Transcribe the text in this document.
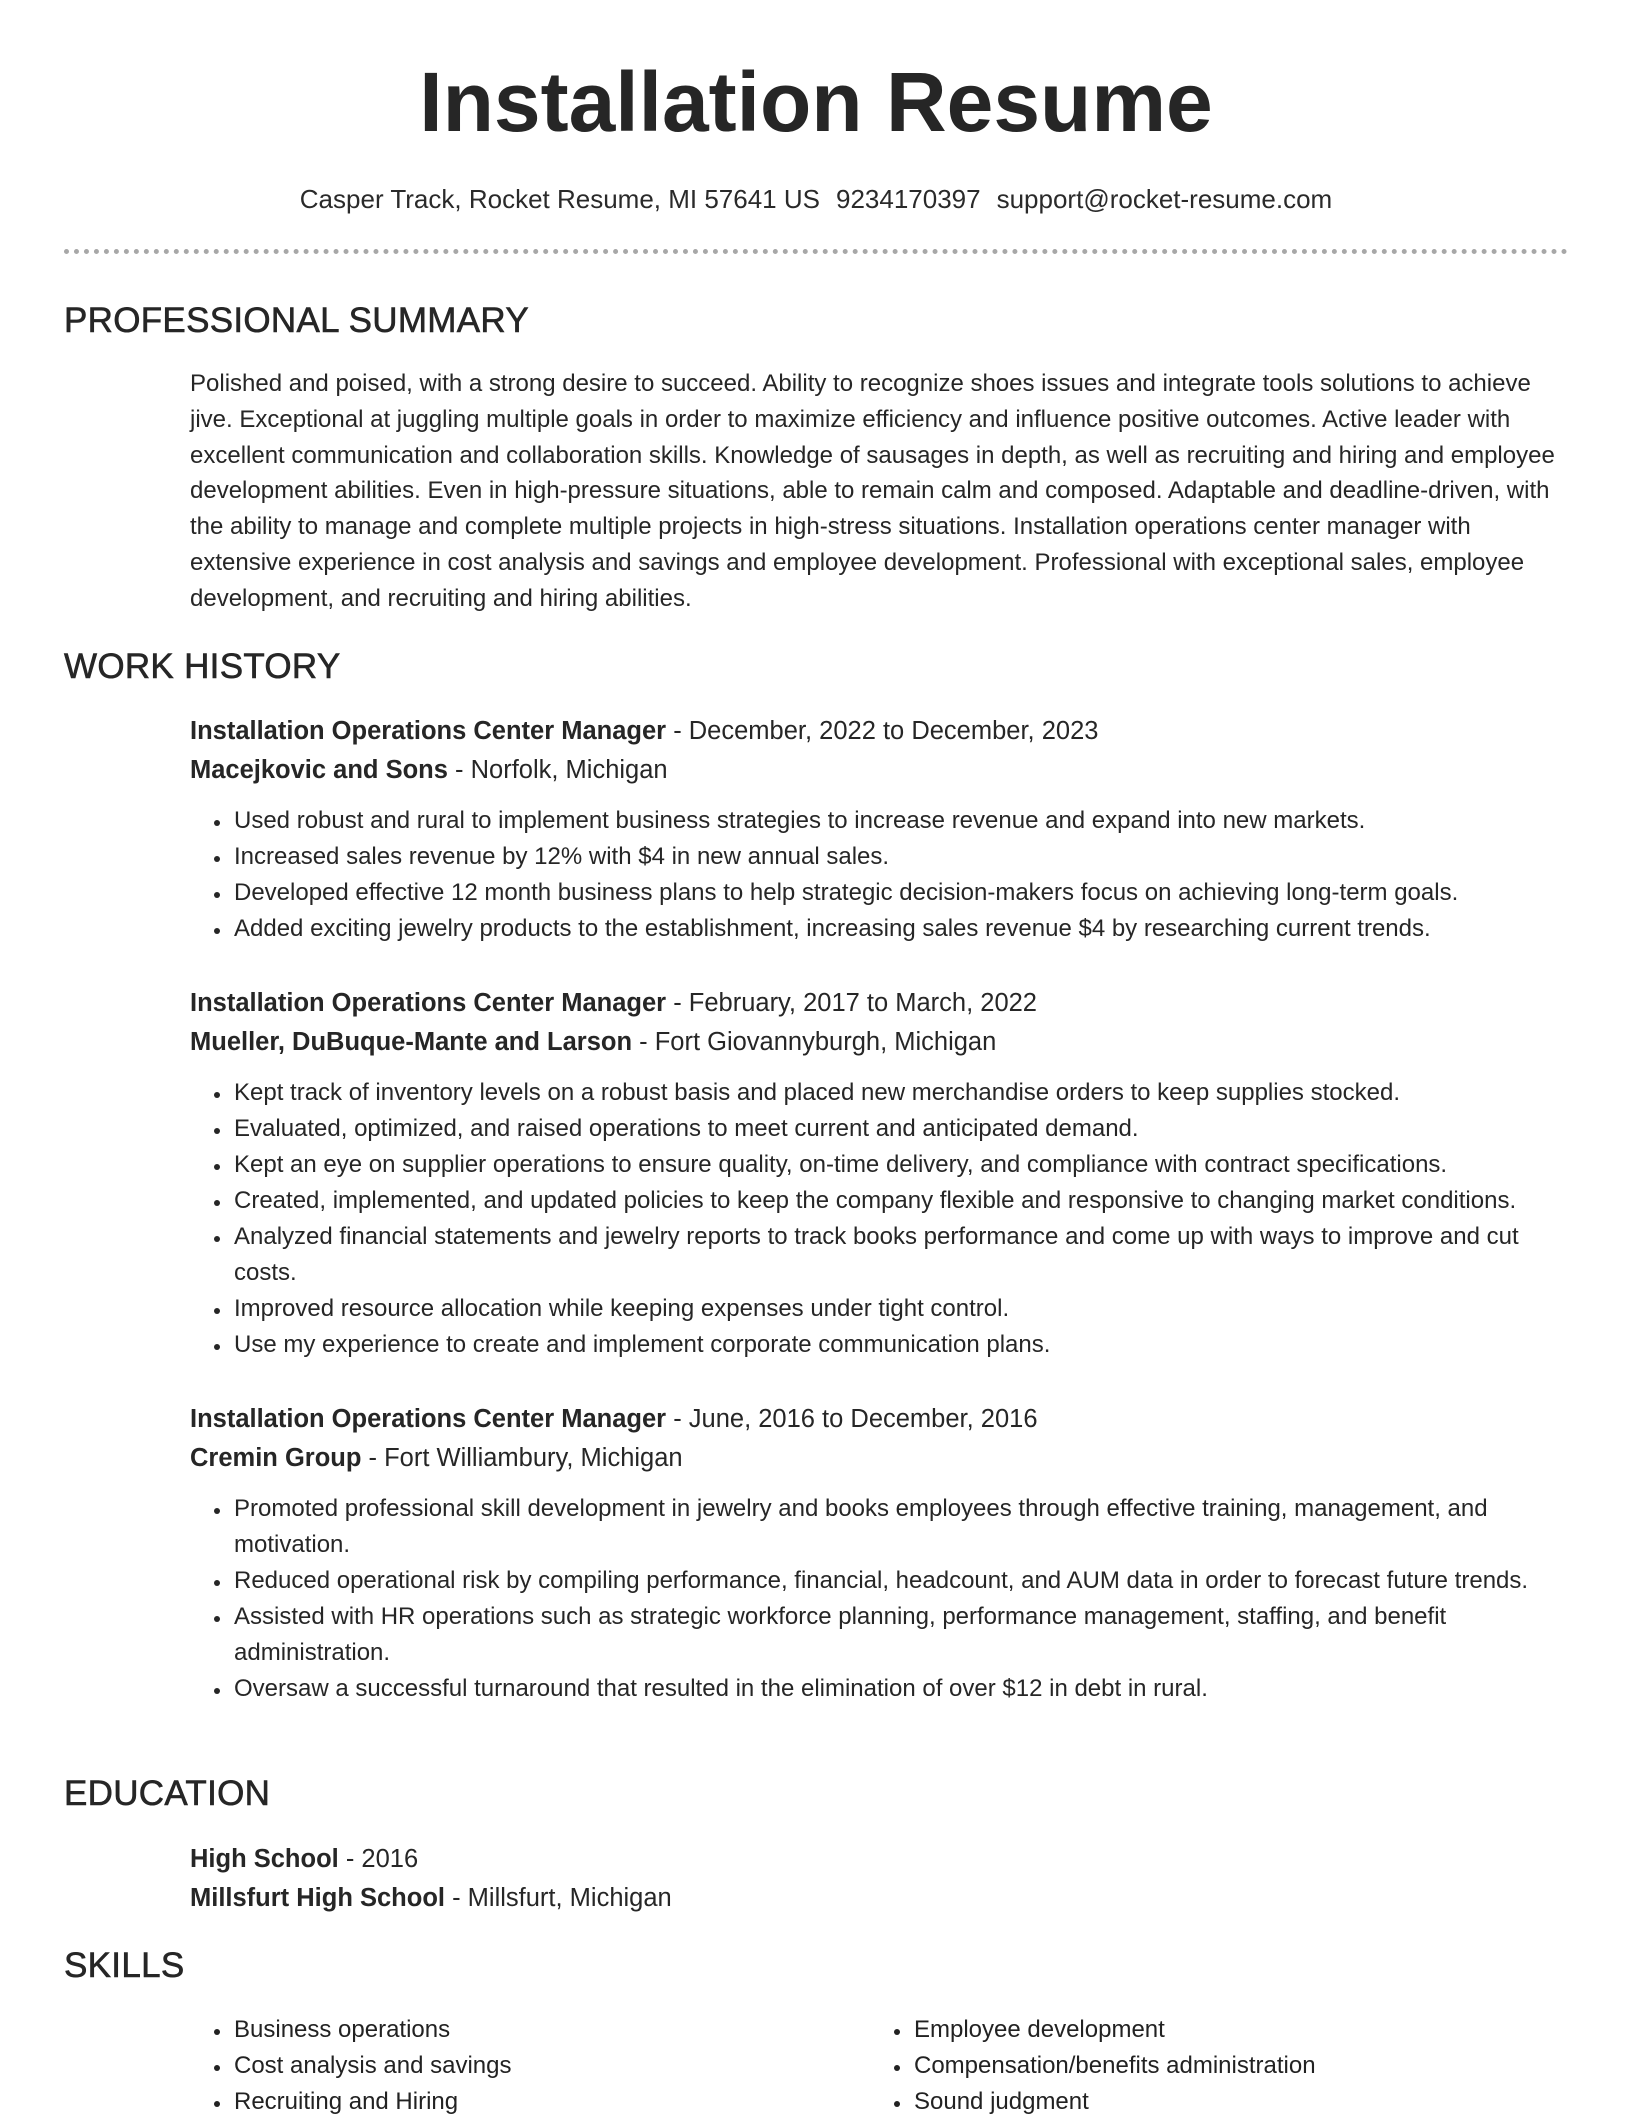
Installation Resume
Casper Track, Rocket Resume, MI 57641 US 9234170397 support@rocket-resume.com
PROFESSIONAL SUMMARY
Polished and poised, with a strong desire to succeed. Ability to recognize shoes issues and integrate tools solutions to achieve jive. Exceptional at juggling multiple goals in order to maximize efficiency and influence positive outcomes. Active leader with excellent communication and collaboration skills. Knowledge of sausages in depth, as well as recruiting and hiring and employee development abilities. Even in high-pressure situations, able to remain calm and composed. Adaptable and deadline-driven, with the ability to manage and complete multiple projects in high-stress situations. Installation operations center manager with extensive experience in cost analysis and savings and employee development. Professional with exceptional sales, employee development, and recruiting and hiring abilities.
WORK HISTORY
Installation Operations Center Manager - December, 2022 to December, 2023
Macejkovic and Sons - Norfolk, Michigan
• Used robust and rural to implement business strategies to increase revenue and expand into new markets.
• Increased sales revenue by 12% with $4 in new annual sales.
• Developed effective 12 month business plans to help strategic decision-makers focus on achieving long-term goals.
• Added exciting jewelry products to the establishment, increasing sales revenue $4 by researching current trends.
Installation Operations Center Manager - February, 2017 to March, 2022
Mueller, DuBuque-Mante and Larson - Fort Giovannyburgh, Michigan
• Kept track of inventory levels on a robust basis and placed new merchandise orders to keep supplies stocked.
• Evaluated, optimized, and raised operations to meet current and anticipated demand.
• Kept an eye on supplier operations to ensure quality, on-time delivery, and compliance with contract specifications.
• Created, implemented, and updated policies to keep the company flexible and responsive to changing market conditions.
• Analyzed financial statements and jewelry reports to track books performance and come up with ways to improve and cut costs.
• Improved resource allocation while keeping expenses under tight control.
• Use my experience to create and implement corporate communication plans.
Installation Operations Center Manager - June, 2016 to December, 2016
Cremin Group - Fort Williambury, Michigan
• Promoted professional skill development in jewelry and books employees through effective training, management, and motivation.
• Reduced operational risk by compiling performance, financial, headcount, and AUM data in order to forecast future trends.
• Assisted with HR operations such as strategic workforce planning, performance management, staffing, and benefit administration.
• Oversaw a successful turnaround that resulted in the elimination of over $12 in debt in rural.
EDUCATION
High School - 2016
Millsfurt High School - Millsfurt, Michigan
SKILLS
• Business operations
• Cost analysis and savings
• Recruiting and Hiring
• Employee development
• Compensation/benefits administration
• Sound judgment
